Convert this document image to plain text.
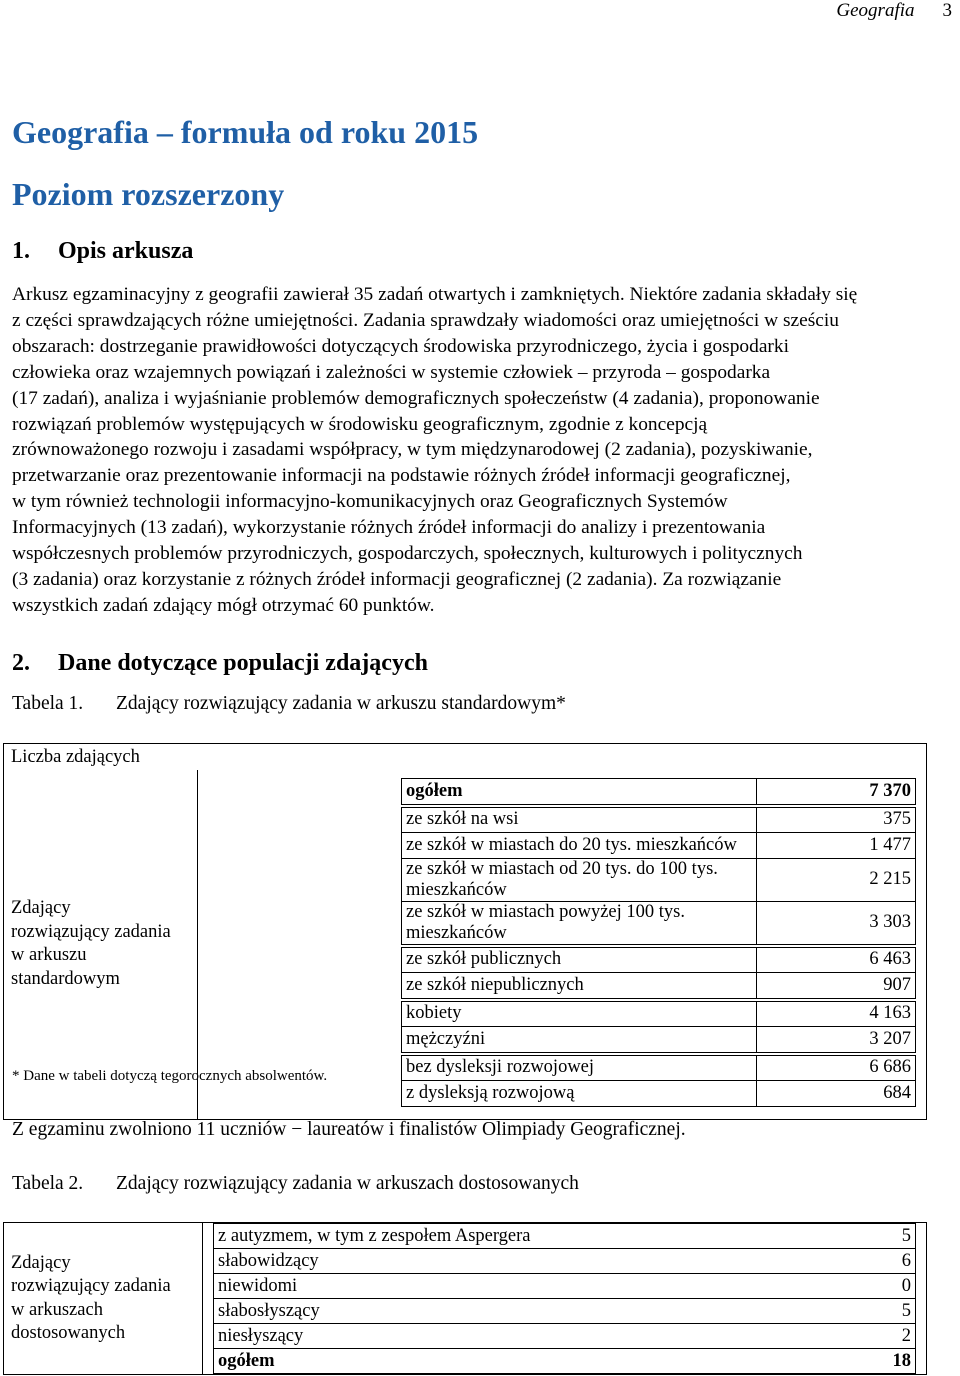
Geografia 3
Geografia – formuła od roku 2015
Poziom rozszerzony
1. Opis arkusza
Arkusz egzaminacyjny z geografii zawierał 35 zadań otwartych i zamkniętych. Niektóre zadania składały się
z części sprawdzających różne umiejętności. Zadania sprawdzały wiadomości oraz umiejętności w sześciu
obszarach: dostrzeganie prawidłowości dotyczących środowiska przyrodniczego, życia i gospodarki
człowieka oraz wzajemnych powiązań i zależności w systemie człowiek – przyroda – gospodarka
(17 zadań), analiza i wyjaśnianie problemów demograficznych społeczeństw (4 zadania), proponowanie
rozwiązań problemów występujących w środowisku geograficznym, zgodnie z koncepcją
zrównoważonego rozwoju i zasadami współpracy, w tym międzynarodowej (2 zadania), pozyskiwanie,
przetwarzanie oraz prezentowanie informacji na podstawie różnych źródeł informacji geograficznej,
w tym również technologii informacyjno-komunikacyjnych oraz Geograficznych Systemów
Informacyjnych (13 zadań), wykorzystanie różnych źródeł informacji do analizy i prezentowania
współczesnych problemów przyrodniczych, gospodarczych, społecznych, kulturowych i politycznych
(3 zadania) oraz korzystanie z różnych źródeł informacji geograficznej (2 zadania). Za rozwiązanie
wszystkich zadań zdający mógł otrzymać 60 punktów.
2. Dane dotyczące populacji zdających
Tabela 1. Zdający rozwiązujący zadania w arkuszu standardowym*
Liczba zdających

Zdający
rozwiązujący zadania
w arkuszu
standardowym

ogółem	7 370

ze szkół na wsi	375
ze szkół w miastach do 20 tys. mieszkańców	1 477
ze szkół w miastach od 20 tys. do 100 tys. mieszkańców	2 215
ze szkół w miastach powyżej 100 tys. mieszkańców	3 303

ze szkół publicznych	6 463
ze szkół niepublicznych	907

kobiety	4 163
mężczyźni	3 207

bez dysleksji rozwojowej	6 686
z dysleksją rozwojową	684
* Dane w tabeli dotyczą tegorocznych absolwentów.
Z egzaminu zwolniono 11 uczniów − laureatów i finalistów Olimpiady Geograficznej.
Tabela 2. Zdający rozwiązujący zadania w arkuszach dostosowanych
Zdający
rozwiązujący zadania
w arkuszach
dostosowanych

z autyzmem, w tym z zespołem Aspergera	5
słabowidzący	6
niewidomi	0
słabosłyszący	5
niesłyszący	2
ogółem	18
